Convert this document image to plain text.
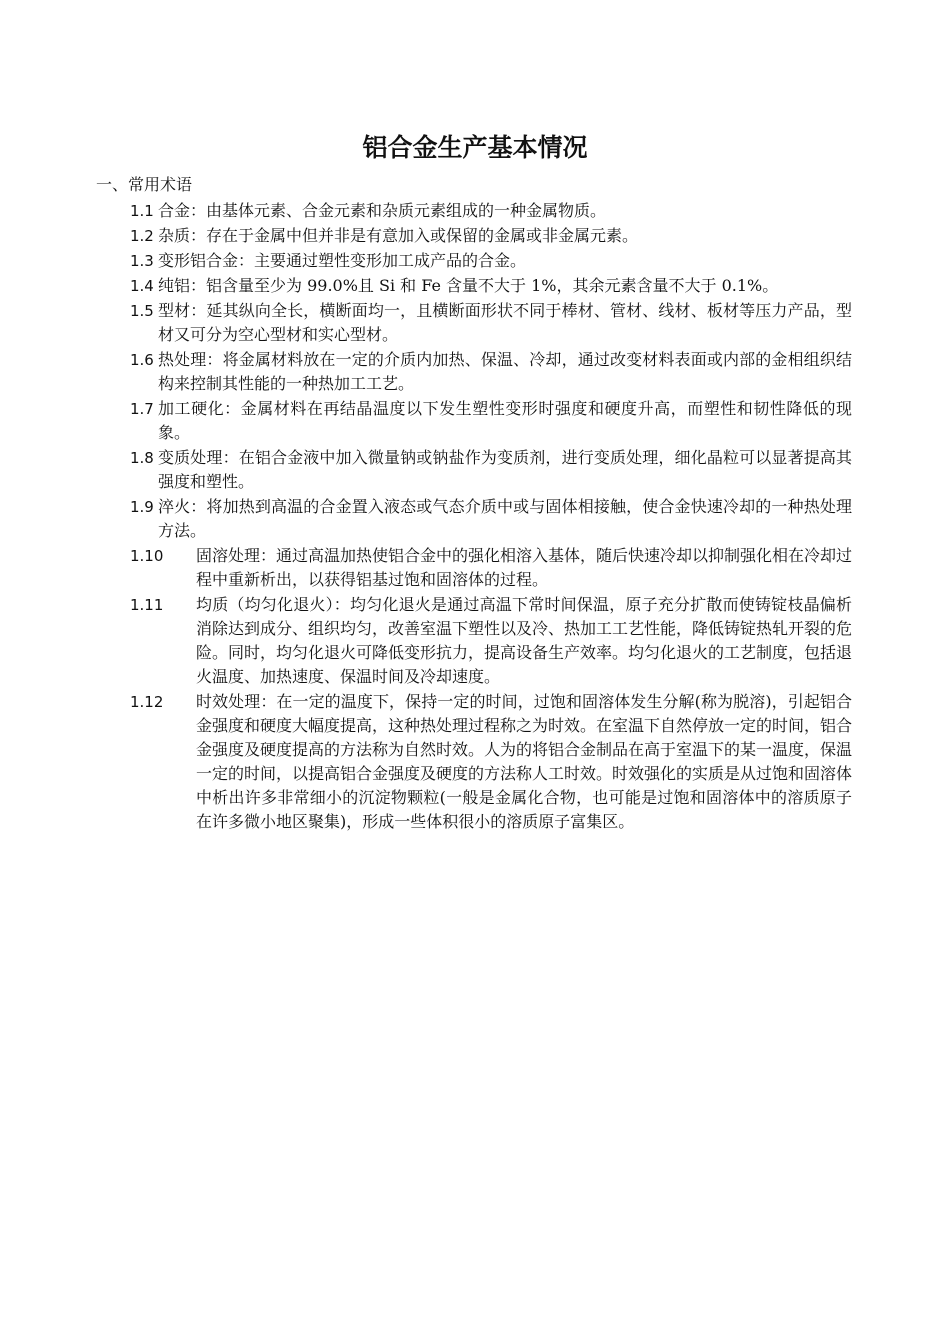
铝合金生产基本情况

一、常用术语

1.1 合金：由基体元素、合金元素和杂质元素组成的一种金属物质。
1.2 杂质：存在于金属中但并非是有意加入或保留的金属或非金属元素。
1.3 变形铝合金：主要通过塑性变形加工成产品的合金。
1.4 纯铝：铝含量至少为 99.0%且 Si 和 Fe 含量不大于 1%，其余元素含量不大于 0.1%。
1.5 型材：延其纵向全长，横断面均一，且横断面形状不同于棒材、管材、线材、板材等压力产品，型材又可分为空心型材和实心型材。
1.6 热处理：将金属材料放在一定的介质内加热、保温、冷却，通过改变材料表面或内部的金相组织结构来控制其性能的一种热加工工艺。
1.7 加工硬化：金属材料在再结晶温度以下发生塑性变形时强度和硬度升高，而塑性和韧性降低的现象。
1.8 变质处理：在铝合金液中加入微量钠或钠盐作为变质剂，进行变质处理，细化晶粒可以显著提高其强度和塑性。
1.9 淬火：将加热到高温的合金置入液态或气态介质中或与固体相接触，使合金快速冷却的一种热处理方法。
1.10	固溶处理：通过高温加热使铝合金中的强化相溶入基体，随后快速冷却以抑制强化相在冷却过程中重新析出，以获得铝基过饱和固溶体的过程。
1.11	均质（均匀化退火）：均匀化退火是通过高温下常时间保温，原子充分扩散而使铸锭枝晶偏析消除达到成分、组织均匀，改善室温下塑性以及冷、热加工工艺性能，降低铸锭热轧开裂的危险。同时，均匀化退火可降低变形抗力，提高设备生产效率。均匀化退火的工艺制度，包括退火温度、加热速度、保温时间及冷却速度。
1.12	时效处理：在一定的温度下，保持一定的时间，过饱和固溶体发生分解(称为脱溶)，引起铝合金强度和硬度大幅度提高，这种热处理过程称之为时效。在室温下自然停放一定的时间，铝合金强度及硬度提高的方法称为自然时效。人为的将铝合金制品在高于室温下的某一温度，保温一定的时间，以提高铝合金强度及硬度的方法称人工时效。时效强化的实质是从过饱和固溶体中析出许多非常细小的沉淀物颗粒(一般是金属化合物，也可能是过饱和固溶体中的溶质原子在许多微小地区聚集)，形成一些体积很小的溶质原子富集区。
